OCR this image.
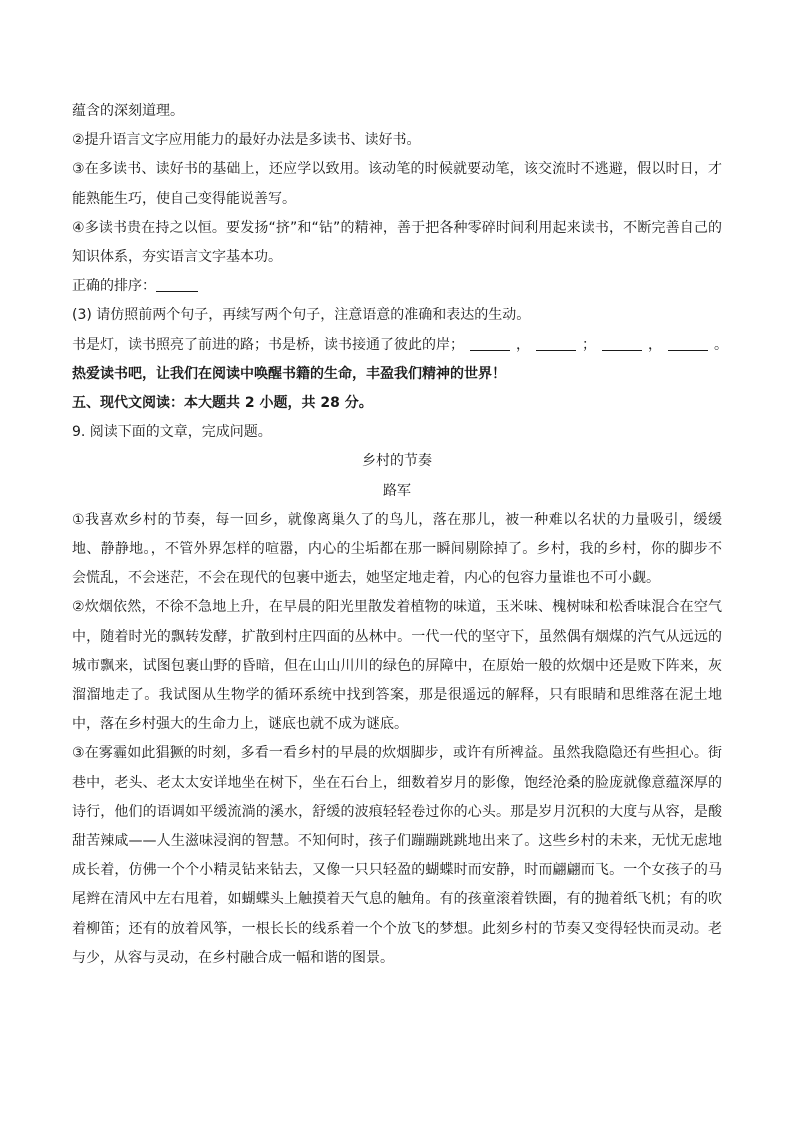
蕴含的深刻道理。

②提升语言文字应用能力的最好办法是多读书、读好书。

③在多读书、读好书的基础上，还应学以致用。该动笔的时候就要动笔，该交流时不逃避，假以时日，才能熟能生巧，使自己变得能说善写。

④多读书贵在持之以恒。要发扬“挤”和“钻”的精神，善于把各种零碎时间利用起来读书，不断完善自己的知识体系，夯实语言文字基本功。

正确的排序：

(3) 请仿照前两个句子，再续写两个句子，注意语意的准确和表达的生动。

书是灯，读书照亮了前进的路；书是桥，读书接通了彼此的岸；	，	；	，	。

热爱读书吧，让我们在阅读中唤醒书籍的生命，丰盈我们精神的世界！

五、现代文阅读：本大题共 2 小题，共 28 分。

9. 阅读下面的文章，完成问题。

乡村的节奏

路军

①我喜欢乡村的节奏，每一回乡，就像离巢久了的鸟儿，落在那儿，被一种难以名状的力量吸引，缓缓地、静静地。，不管外界怎样的喧嚣，内心的尘垢都在那一瞬间剔除掉了。乡村，我的乡村，你的脚步不会慌乱，不会迷茫，不会在现代的包裹中逝去，她坚定地走着，内心的包容力量谁也不可小觑。

②炊烟依然，不徐不急地上升，在早晨的阳光里散发着植物的味道，玉米味、槐树味和松香味混合在空气中，随着时光的飘转发酵，扩散到村庄四面的丛林中。一代一代的坚守下，虽然偶有烟煤的汽气从远远的城市飘来，试图包裹山野的昏暗，但在山山川川的绿色的屏障中，在原始一般的炊烟中还是败下阵来，灰溜溜地走了。我试图从生物学的循环系统中找到答案，那是很遥远的解释，只有眼睛和思维落在泥土地中，落在乡村强大的生命力上，谜底也就不成为谜底。

③在雾霾如此猖獗的时刻，多看一看乡村的早晨的炊烟脚步，或许有所裨益。虽然我隐隐还有些担心。街巷中，老头、老太太安详地坐在树下，坐在石台上，细数着岁月的影像，饱经沧桑的脸庞就像意蕴深厚的诗行，他们的语调如平缓流淌的溪水，舒缓的波痕轻轻卷过你的心头。那是岁月沉积的大度与从容，是酸甜苦辣咸——人生滋味浸润的智慧。不知何时，孩子们蹦蹦跳跳地出来了。这些乡村的未来，无忧无虑地成长着，仿佛一个个小精灵钻来钻去，又像一只只轻盈的蝴蝶时而安静，时而翩翩而飞。一个女孩子的马尾辫在清风中左右甩着，如蝴蝶头上触摸着天气息的触角。有的孩童滚着铁圈，有的抛着纸飞机；有的吹着柳笛；还有的放着风筝，一根长长的线系着一个个放飞的梦想。此刻乡村的节奏又变得轻快而灵动。老与少，从容与灵动，在乡村融合成一幅和谐的图景。
